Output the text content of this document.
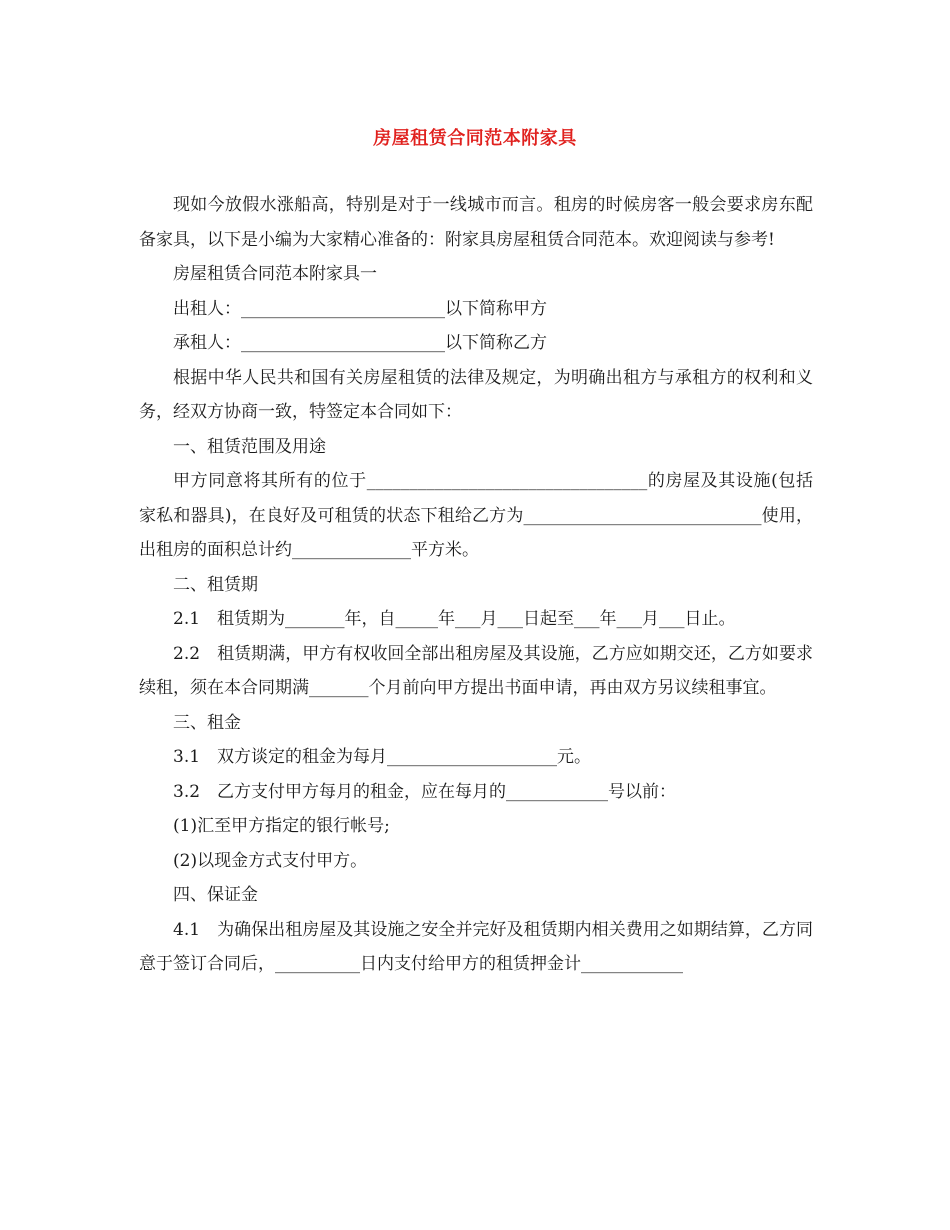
房屋租赁合同范本附家具

现如今放假水涨船高，特别是对于一线城市而言。租房的时候房客一般会要求房东配备家具，以下是小编为大家精心准备的：附家具房屋租赁合同范本。欢迎阅读与参考!

房屋租赁合同范本附家具一

出租人：________________________以下简称甲方

承租人：________________________以下简称乙方

根据中华人民共和国有关房屋租赁的法律及规定，为明确出租方与承租方的权利和义务，经双方协商一致，特签定本合同如下：

一、租赁范围及用途

甲方同意将其所有的位于_________________________________的房屋及其设施(包括家私和器具)，在良好及可租赁的状态下租给乙方为____________________________使用，出租房的面积总计约______________平方米。

二、租赁期

2.1　租赁期为_______年，自_____年___月___日起至___年___月___日止。

2.2　租赁期满，甲方有权收回全部出租房屋及其设施，乙方应如期交还，乙方如要求续租，须在本合同期满_______个月前向甲方提出书面申请，再由双方另议续租事宜。

三、租金

3.1　双方谈定的租金为每月____________________元。

3.2　乙方支付甲方每月的租金，应在每月的____________号以前：

(1)汇至甲方指定的银行帐号;

(2)以现金方式支付甲方。

四、保证金

4.1　为确保出租房屋及其设施之安全并完好及租赁期内相关费用之如期结算，乙方同意于签订合同后，__________日内支付给甲方的租赁押金计____________
